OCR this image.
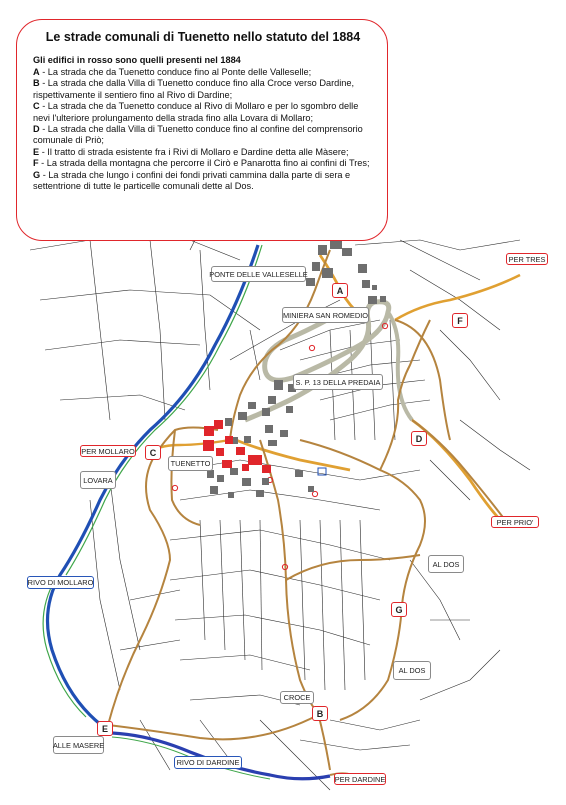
Le strade comunali di Tuenetto nello statuto del 1884
Gli edifici in rosso sono quelli presenti nel 1884
A - La strada che da Tuenetto conduce fino al Ponte delle Valleselle;
B - La strada che dalla Villa di Tuenetto conduce fino alla Croce verso Dardine, rispettivamente il sentiero fino al Rivo di Dardine;
C - La strada che da Tuenetto conduce al Rivo di Mollaro e per lo sgombro delle nevi l'ulteriore prolungamento della strada fino alla Lovara di Mollaro;
D - La strada che dalla Villa di Tuenetto conduce fino al confine del comprensorio comunale di Priò;
E - Il tratto di strada esistente fra i Rivi di Mollaro e Dardine detta alle Màsere;
F - La strada della montagna che percorre il Cirò e Panarotta fino ai confini di Tres;
G - La strada che lungo i confini dei fondi privati cammina dalla parte di sera e settentrione di tutte le particelle comunali dette al Dos.
PONTE DELLE VALLESELLE
MINIERA SAN ROMEDIO
S. P. 13 DELLA PREDAIA
PER TRES
PER MOLLARO
TUENETTO
LOVARA
PER PRIO'
RIVO DI MOLLARO
AL DOS
AL DOS
CROCE
ALLE MASERE
RIVO DI DARDINE
PER DARDINE
A
B
C
D
E
F
G
